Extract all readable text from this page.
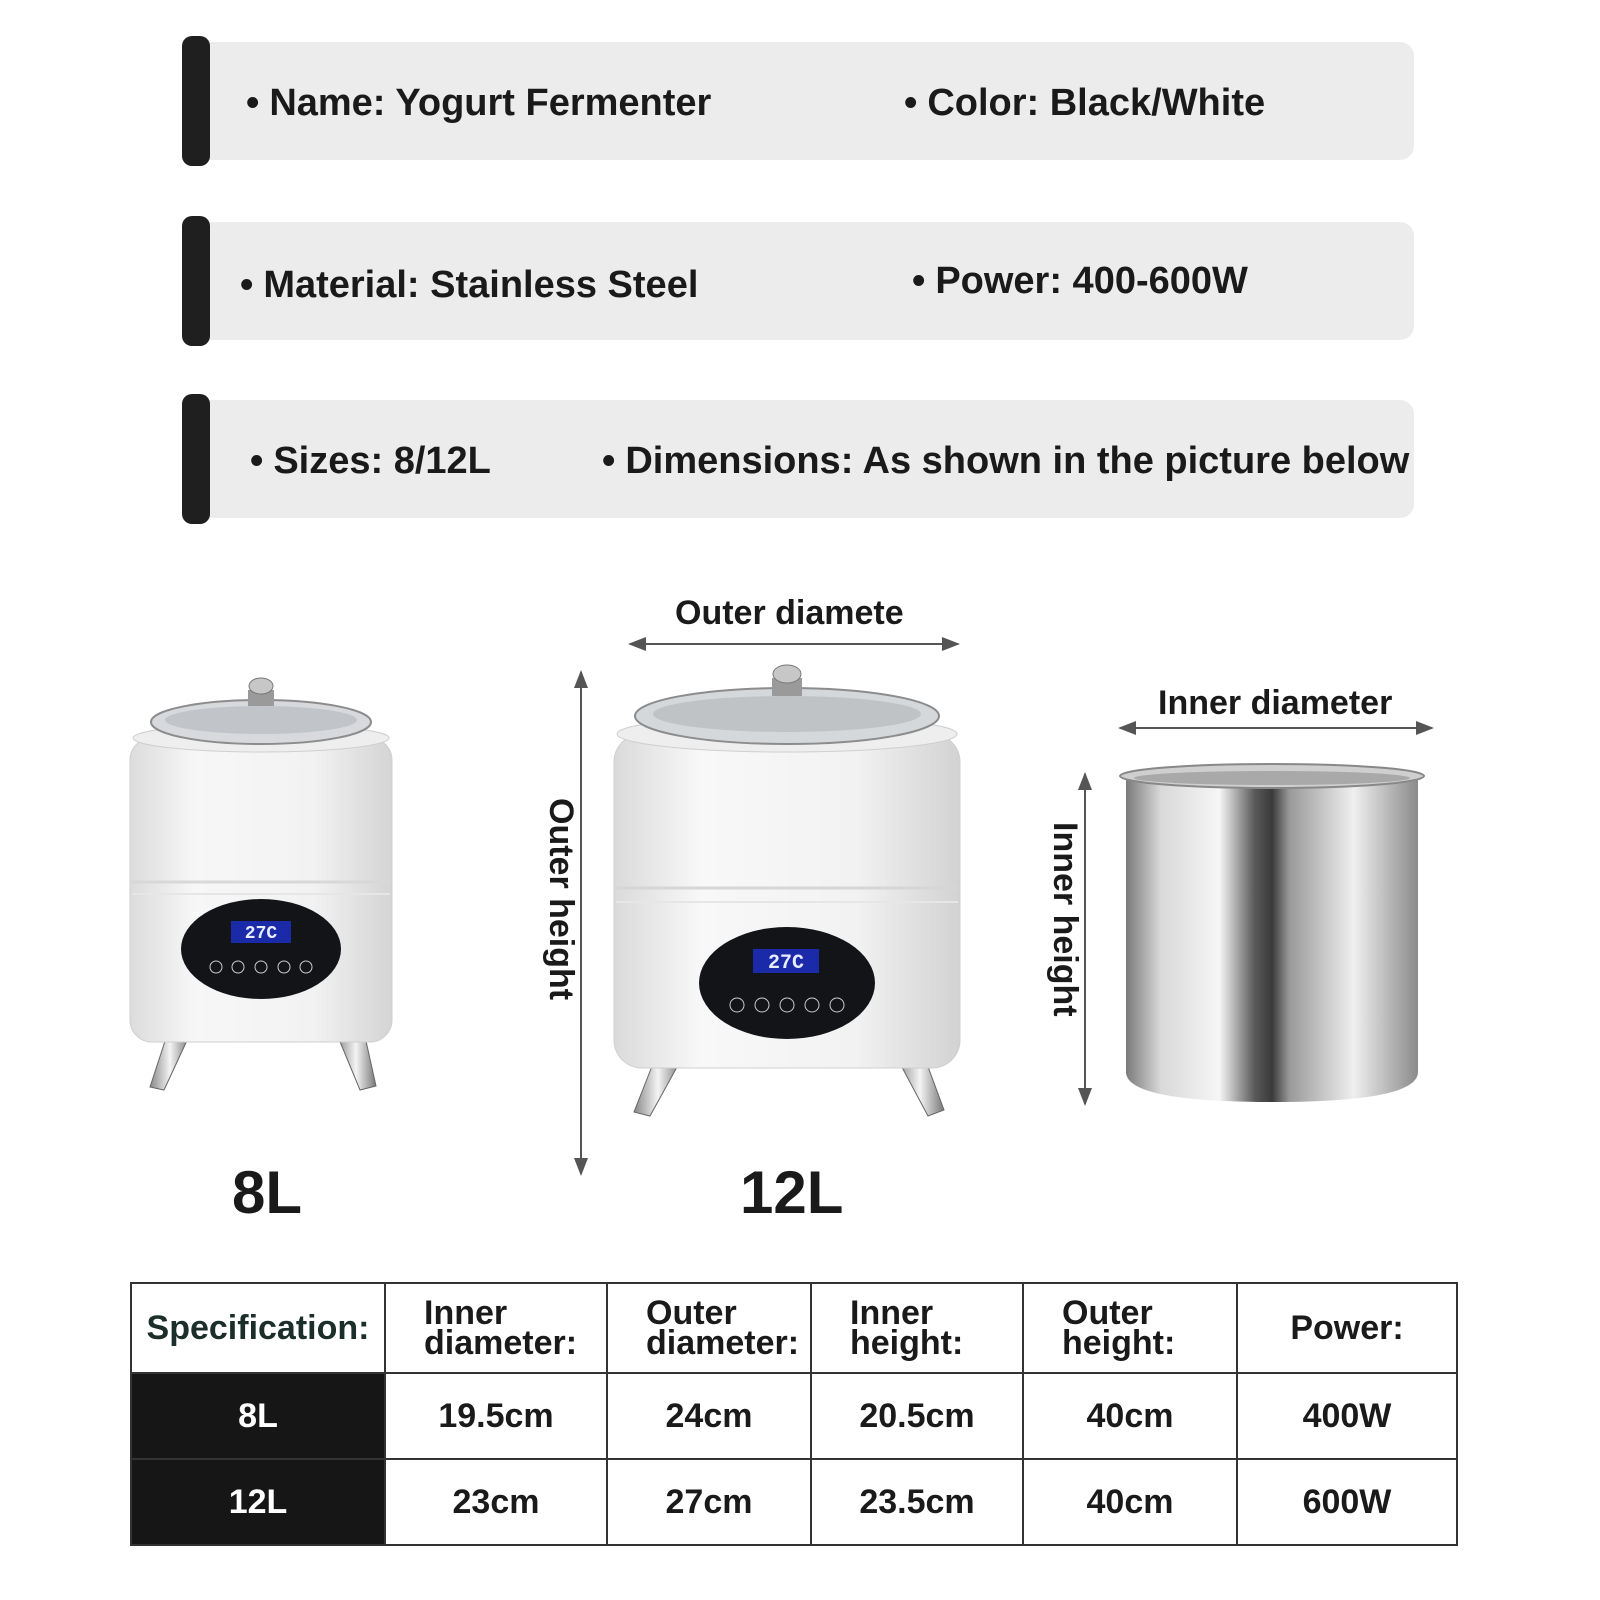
• Name: Yogurt Fermenter	• Color: Black/White
• Material: Stainless Steel	• Power: 400-600W
• Sizes: 8/12L	• Dimensions: As shown in the picture below
Outer diamete
Outer height
Inner diameter
Inner height
27C
27C
8L	12L
Specification:	Inner diameter:	Outer diameter:	Inner height:	Outer height:	Power:
8L	19.5cm	24cm	20.5cm	40cm	400W
12L	23cm	27cm	23.5cm	40cm	600W
